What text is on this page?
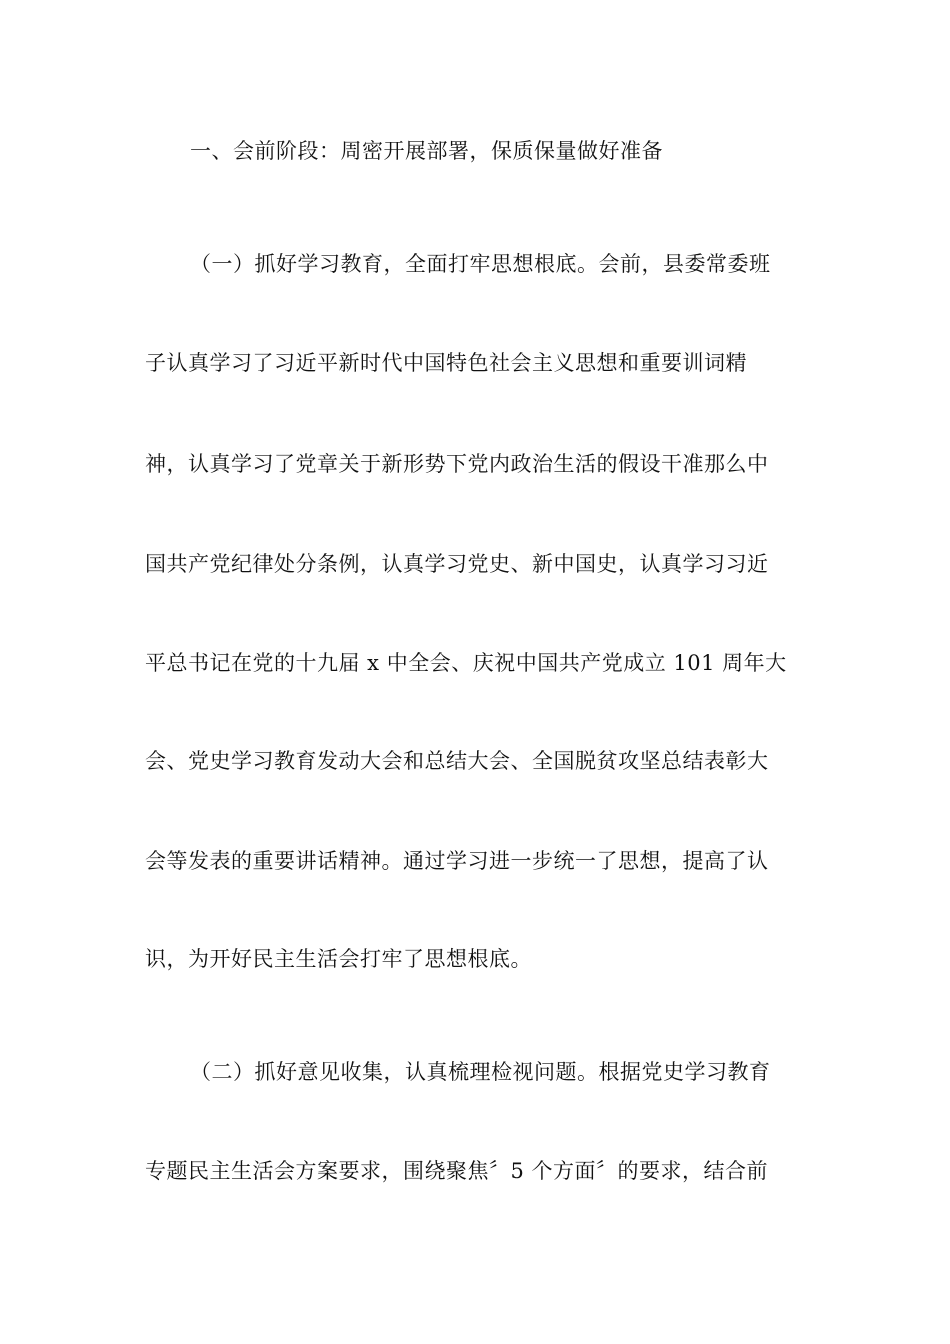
一、会前阶段：周密开展部署，保质保量做好准备
（一）抓好学习教育，全面打牢思想根底。会前，县委常委班
子认真学习了习近平新时代中国特色社会主义思想和重要训词精
神，认真学习了党章关于新形势下党内政治生活的假设干准那么中
国共产党纪律处分条例，认真学习党史、新中国史，认真学习习近
平总书记在党的十九届 x 中全会、庆祝中国共产党成立 101 周年大
会、党史学习教育发动大会和总结大会、全国脱贫攻坚总结表彰大
会等发表的重要讲话精神。通过学习进一步统一了思想，提高了认
识，为开好民主生活会打牢了思想根底。
（二）抓好意见收集，认真梳理检视问题。根据党史学习教育
专题民主生活会方案要求，围绕聚焦〞5 个方面〞的要求，结合前
